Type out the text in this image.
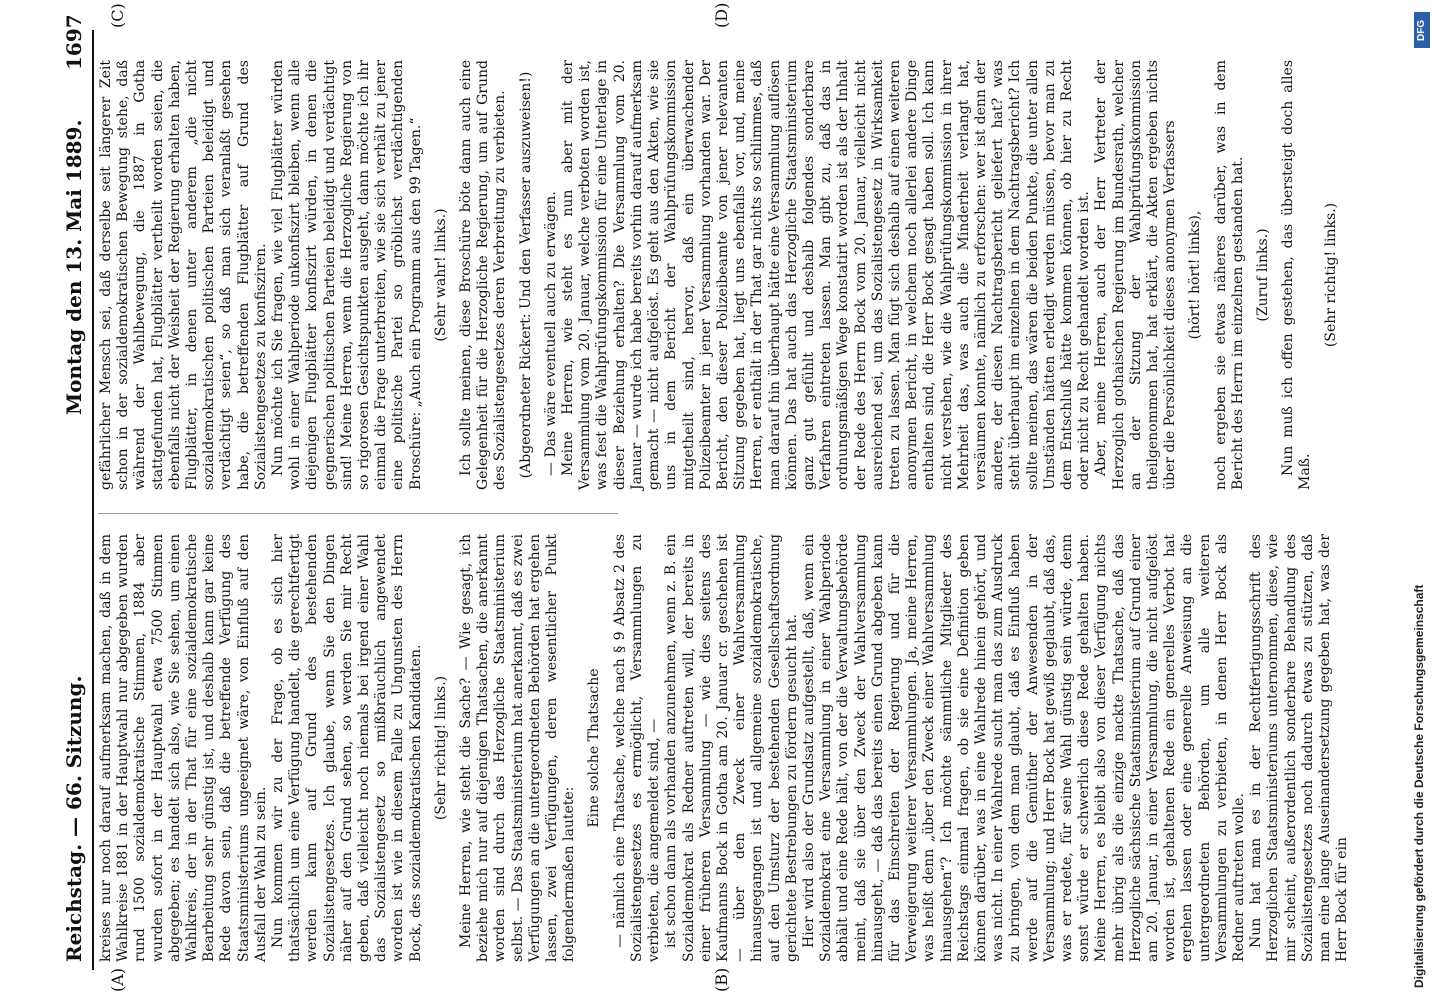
Reichstag. — 66. Sitzung.
Montag den 13. Mai 1889.
1697
(A)	(B)
(C)	(D)

kreises nur noch darauf aufmerksam machen, daß in dem Wahlkreise 1881 in der Hauptwahl nur abgegeben wurden rund 1500 sozialdemokratische Stimmen, 1884 aber wurden sofort in der Hauptwahl etwa 7500 Stimmen abgegeben; es handelt sich also, wie Sie sehen, um einen Wahlkreis, der in der That für eine sozialdemokratische Bearbeitung sehr günstig ist, und deshalb kann gar keine Rede davon sein, daß die betreffende Verfügung des Staatsministeriums ungeeignet wäre, von Einfluß auf den Ausfall der Wahl zu sein. Nun kommen wir zu der Frage, ob es sich hier thatsächlich um eine Verfügung handelt, die gerechtfertigt werden kann auf Grund des bestehenden Sozialistengesetzes. Ich glaube, wenn Sie den Dingen näher auf den Grund sehen, so werden Sie mir Recht geben, daß vielleicht noch niemals bei irgend einer Wahl das Sozialistengesetz so mißbräuchlich angewendet worden ist wie in diesem Falle zu Ungunsten des Herrn Bock, des sozialdemokratischen Kandidaten. (Sehr richtig! links.) Meine Herren, wie steht die Sache? — Wie gesagt, ich beziehe mich nur auf diejenigen Thatsachen, die anerkannt worden sind durch das Herzogliche Staatsministerium selbst. — Das Staatsministerium hat anerkannt, daß es zwei Verfügungen an die untergeordneten Behörden hat ergehen lassen, zwei Verfügungen, deren wesentlicher Punkt folgendermaßen lautete:

Eine solche Thatsache — nämlich eine Thatsache, welche nach § 9 Absatz 2 des Sozialistengesetzes es ermöglicht, Versammlungen zu verbieten, die angemeldet sind, — ist schon dann als vorhanden anzunehmen, wenn z. B. ein Sozialdemokrat als Redner auftreten will, der bereits in einer früheren Versammlung — wie dies seitens des Kaufmanns Bock in Gotha am 20. Januar cr. geschehen ist — über den Zweck einer Wahlversammlung hinausgegangen ist und allgemeine sozialdemokratische, auf den Umsturz der bestehenden Gesellschaftsordnung gerichtete Bestrebungen zu fördern gesucht hat. Hier wird also der Grundsatz aufgestellt, daß, wenn ein Sozialdemokrat eine Versammlung in einer Wahlperiode abhält und eine Rede hält, von der die Verwaltungsbehörde meint, daß sie über den Zweck der Wahlversammlung hinausgeht, — daß das bereits einen Grund abgeben kann für das Einschreiten der Regierung und für die Verweigerung weiterer Versammlungen. Ja, meine Herren, was heißt denn „über den Zweck einer Wahlversammlung hinausgehen“? Ich möchte sämmtliche Mitglieder des Reichstags einmal fragen, ob sie eine Definition geben können darüber, was in eine Wahlrede hinein gehört, und was nicht. In einer Wahlrede sucht man das zum Ausdruck zu bringen, von dem man glaubt, daß es Einfluß haben werde auf die Gemüther der Anwesenden in der Versammlung; und Herr Bock hat gewiß geglaubt, daß das, was er redete, für seine Wahl günstig sein würde, denn sonst würde er schwerlich diese Rede gehalten haben. Meine Herren, es bleibt also von dieser Verfügung nichts mehr übrig als die einzige nackte Thatsache, daß das Herzogliche sächsische Staatsministerium auf Grund einer am 20. Januar, in einer Versammlung, die nicht aufgelöst worden ist, gehaltenen Rede ein generelles Verbot hat ergehen lassen oder eine generelle Anweisung an die untergeordneten Behörden, um alle weiteren Versammlungen zu verbieten, in denen Herr Bock als Redner auftreten wolle. Nun hat man es in der Rechtfertigungsschrift des Herzoglichen Staatsministeriums unternommen, diese, wie mir scheint, außerordentlich sonderbare Behandlung des Sozialistengesetzes noch dadurch etwas zu stützen, daß man eine lange Auseinandersetzung gegeben hat, was der Herr Bock für ein

gefährlicher Mensch sei, daß derselbe seit längerer Zeit schon in der sozialdemokratischen Bewegung stehe, daß während der Wahlbewegung, die 1887 in Gotha stattgefunden hat, Flugblätter vertheilt worden seien, die ebenfalls nicht der Weisheit der Regierung erhalten haben, Flugblätter, in denen unter anderem „die nicht sozialdemokratischen politischen Parteien beleidigt und verdächtigt seien“, so daß man sich veranlaßt gesehen habe, die betreffenden Flugblätter auf Grund des Sozialistengesetzes zu konfisziren. Nun möchte ich Sie fragen, wie viel Flugblätter würden wohl in einer Wahlperiode unkonfiszirt bleiben, wenn alle diejenigen Flugblätter konfiszirt würden, in denen die gegnerischen politischen Parteien beleidigt und verdächtigt sind! Meine Herren, wenn die Herzogliche Regierung von so rigorosen Gesichtspunkten ausgeht, dann möchte ich ihr einmal die Frage unterbreiten, wie sie sich verhält zu jener eine politische Partei so gröblichst verdächtigenden Broschüre: „Auch ein Programm aus den 99 Tagen.“ (Sehr wahr! links.) Ich sollte meinen, diese Broschüre böte dann auch eine Gelegenheit für die Herzogliche Regierung, um auf Grund des Sozialistengesetzes deren Verbreitung zu verbieten. (Abgeordneter Rickert: Und den Verfasser auszuweisen!) — Das wäre eventuell auch zu erwägen. Meine Herren, wie steht es nun aber mit der Versammlung vom 20. Januar, welche verboten worden ist, was fest die Wahlprüfungskommission für eine Unterlage in dieser Beziehung erhalten? Die Versammlung vom 20. Januar — wurde ich habe bereits vorhin darauf aufmerksam gemacht — nicht aufgelöst. Es geht aus den Akten, wie sie uns in dem Bericht der Wahlprüfungskommission mitgetheilt sind, hervor, daß ein überwachender Polizeibeamter in jener Versammlung vorhanden war. Der Bericht, den dieser Polizeibeamte von jener relevanten Sitzung gegeben hat, liegt uns ebenfalls vor, und, meine Herren, er enthält in der That gar nichts so schlimmes, daß man darauf hin überhaupt hätte eine Versammlung auflösen können. Das hat auch das Herzogliche Staatsministerium ganz gut gefühlt und deshalb folgendes sonderbare Verfahren eintreten lassen. Man gibt zu, daß das in ordnungsmäßigen Wege konstatirt worden ist als der Inhalt der Rede des Herrn Bock vom 20. Januar, vielleicht nicht ausreichend sei, um das Sozialistengesetz in Wirksamkeit treten zu lassen. Man fügt sich deshalb auf einen weiteren anonymen Bericht, in welchem noch allerlei andere Dinge enthalten sind, die Herr Bock gesagt haben soll. Ich kann nicht verstehen, wie die Wahlprüfungskommission in ihrer Mehrheit das, was auch die Minderheit verlangt hat, versäumen konnte, nämlich zu erforschen: wer ist denn der andere, der diesen Nachtragsbericht geliefert hat? was steht überhaupt im einzelnen in dem Nachtragsbericht? Ich sollte meinen, das wären die beiden Punkte, die unter allen Umständen hätten erledigt werden müssen, bevor man zu dem Entschluß hätte kommen können, ob hier zu Recht oder nicht zu Recht gehandelt worden ist. Aber, meine Herren, auch der Herr Vertreter der Herzoglich gothaischen Regierung im Bundesrath, welcher an der Sitzung der Wahlprüfungskommission theilgenommen hat, hat erklärt, die Akten ergeben nichts über die Persönlichkeit dieses anonymen Verfassers (hört! hört! links), noch ergeben sie etwas näheres darüber, was in dem Bericht des Herrn im einzelnen gestanden hat. (Zuruf links.) Nun muß ich offen gestehen, das übersteigt doch alles Maß.

(Sehr richtig! links.)

DFG
Digitalisierung gefördert durch die Deutsche Forschungsgemeinschaft
